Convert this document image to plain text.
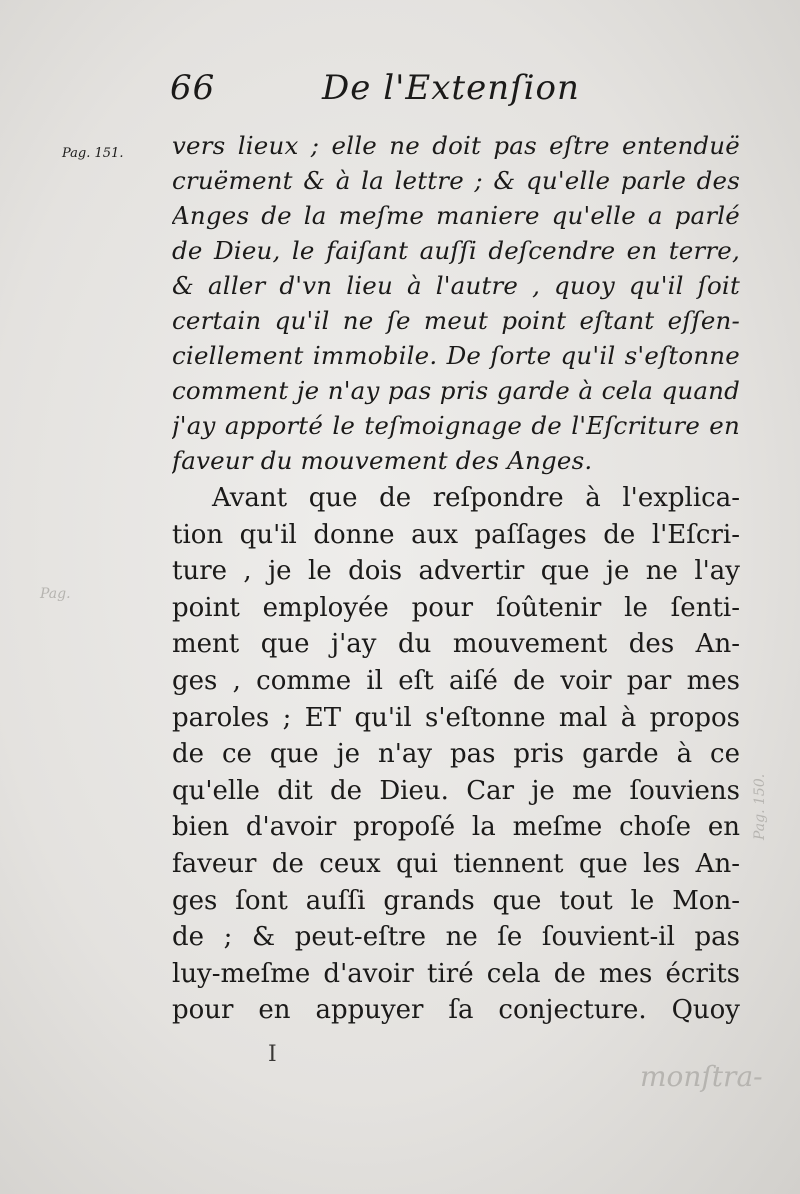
66	De l'Extenſion
Pag. 151.
Pag.
Pag. 150.
monſtra-
vers lieux ; elle ne doit pas eſtre entenduë
cruëment & à la lettre ; & qu'elle parle des
Anges de la meſme maniere qu'elle a parlé
de Dieu, le faiſant auſſi deſcendre en terre,
& aller d'vn lieu à l'autre , quoy qu'il ſoit
certain qu'il ne ſe meut point eſtant eſſen-
ciellement immobile. De ſorte qu'il s'eſtonne
comment je n'ay pas pris garde à cela quand
j'ay apporté le teſmoignage de l'Eſcriture en
faveur du mouvement des Anges.
Avant que de reſpondre à l'explica-
tion qu'il donne aux paſſages de l'Eſcri-
ture , je le dois advertir que je ne l'ay
point employée pour ſoûtenir le ſenti-
ment que j'ay du mouvement des An-
ges , comme il eſt aiſé de voir par mes
paroles ; ET qu'il s'eſtonne mal à propos
de ce que je n'ay pas pris garde à ce
qu'elle dit de Dieu. Car je me ſouviens
bien d'avoir propoſé la meſme choſe en
faveur de ceux qui tiennent que les An-
ges ſont auſſi grands que tout le Mon-
de ; & peut-eſtre ne ſe ſouvient-il pas
luy-meſme d'avoir tiré cela de mes écrits
pour en appuyer ſa conjecture. Quoy
I
